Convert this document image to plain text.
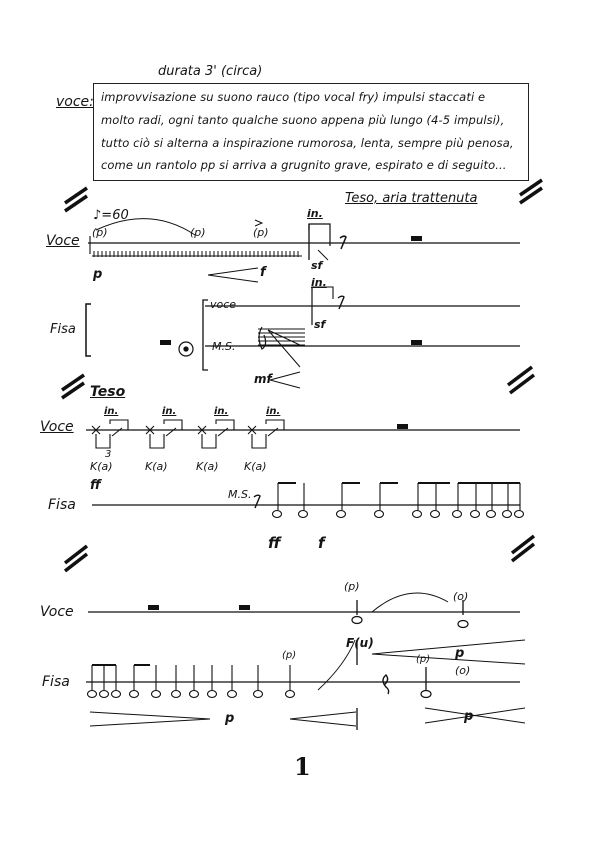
durata 3' (circa)
voce: improvvisazione su suono rauco (tipo vocal fry) impulsi staccati e
molto radi, ogni tanto qualche suono appena più lungo (4-5 impulsi),
tutto ciò si alterna a inspirazione rumorosa, lenta, sempre più penosa,
come un rantolo pp si arriva a grugnito grave, espirato e di seguito...
Teso, aria trattenuta
♪=60
Voce
(p)	(p)	(p)
p	f
in.
sf
Fisa
voce
M.S.
in.
sf
mf
Teso
Voce
in.	in.	in.	in.
K(a)	K(a)	K(a) K(a)
3
ff
Fisa
M.S.
ff	f
Voce
(p)
(o)
F(u)
p
(o)
(p)
(p)
Fisa
p	p
1
